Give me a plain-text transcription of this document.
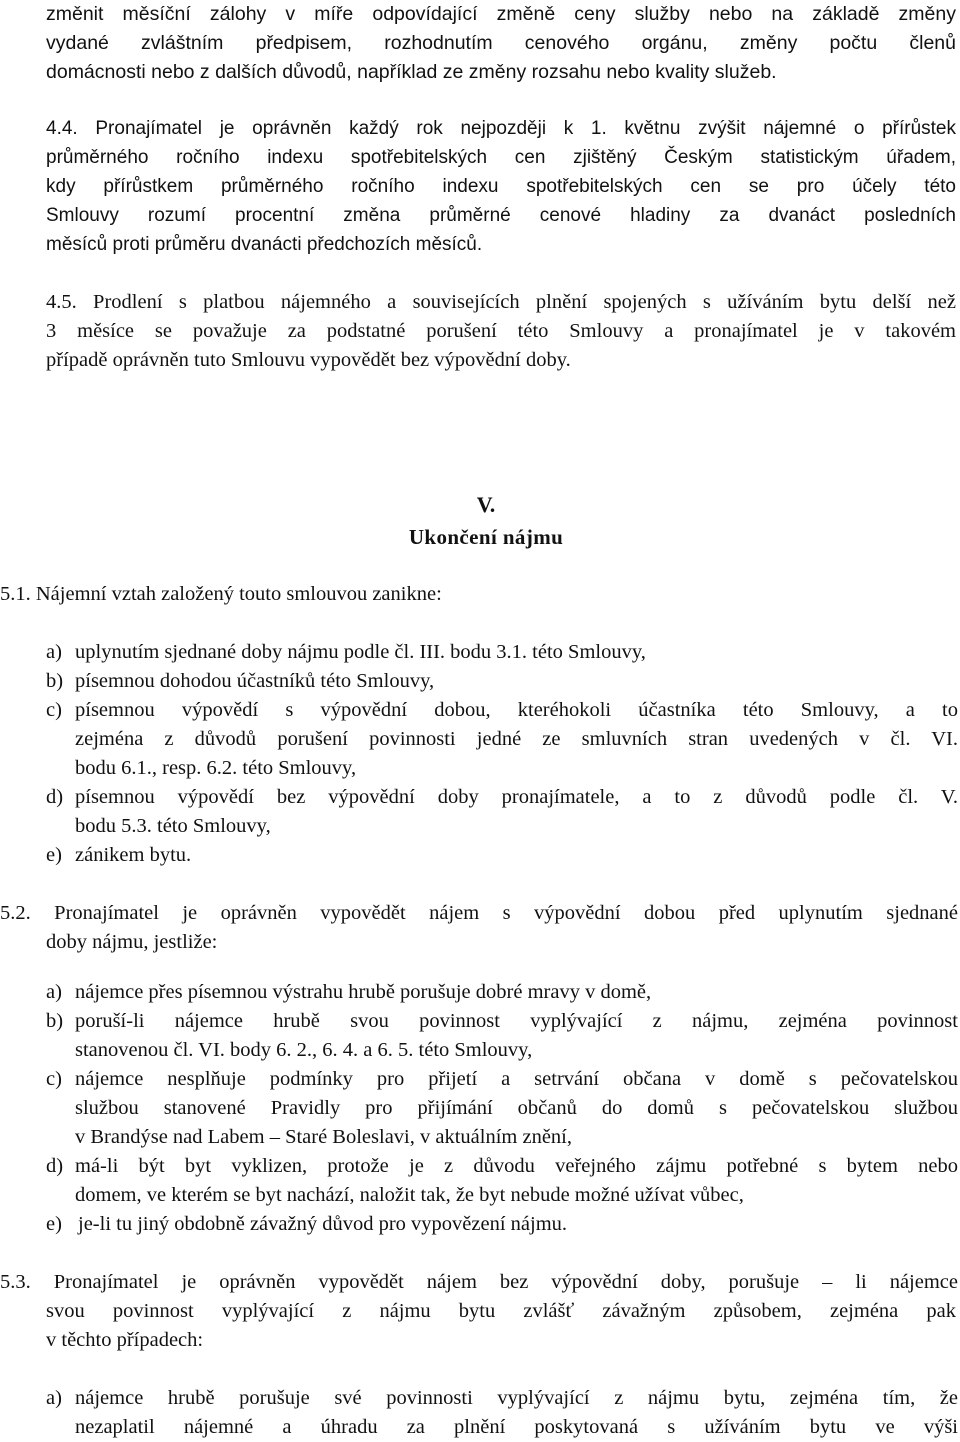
změnit měsíční zálohy v míře odpovídající změně ceny služby nebo na základě změny
vydané zvláštním předpisem, rozhodnutím cenového orgánu, změny počtu členů
domácnosti nebo z dalších důvodů, například ze změny rozsahu nebo kvality služeb.
4.4. Pronajímatel je oprávněn každý rok nejpozději k 1. květnu zvýšit nájemné o přírůstek
průměrného ročního indexu spotřebitelských cen zjištěný Českým statistickým úřadem,
kdy přírůstkem průměrného ročního indexu spotřebitelských cen se pro účely této
Smlouvy rozumí procentní změna průměrné cenové hladiny za dvanáct posledních
měsíců proti průměru dvanácti předchozích měsíců.
4.5. Prodlení s platbou nájemného a souvisejících plnění spojených s užíváním bytu delší než
3 měsíce se považuje za podstatné porušení této Smlouvy a pronajímatel je v takovém
případě oprávněn tuto Smlouvu vypovědět bez výpovědní doby.
V.
Ukončení nájmu
5.1. Nájemní vztah založený touto smlouvou zanikne:
a) uplynutím sjednané doby nájmu podle čl. III. bodu 3.1. této Smlouvy,
b) písemnou dohodou účastníků této Smlouvy,
c) písemnou výpovědí s výpovědní dobou, kteréhokoli účastníka této Smlouvy, a to
zejména z důvodů porušení povinnosti jedné ze smluvních stran uvedených v čl. VI.
bodu 6.1., resp. 6.2. této Smlouvy,
d) písemnou výpovědí bez výpovědní doby pronajímatele, a to z důvodů podle čl. V.
bodu 5.3. této Smlouvy,
e) zánikem bytu.
5.2. Pronajímatel je oprávněn vypovědět nájem s výpovědní dobou před uplynutím sjednané
doby nájmu, jestliže:
a) nájemce přes písemnou výstrahu hrubě porušuje dobré mravy v domě,
b) poruší-li nájemce hrubě svou povinnost vyplývající z nájmu, zejména povinnost
stanovenou čl. VI. body 6. 2., 6. 4. a 6. 5. této Smlouvy,
c) nájemce nesplňuje podmínky pro přijetí a setrvání občana v domě s pečovatelskou
službou stanovené Pravidly pro přijímání občanů do domů s pečovatelskou službou
v Brandýse nad Labem – Staré Boleslavi, v aktuálním znění,
d) má-li být byt vyklizen, protože je z důvodu veřejného zájmu potřebné s bytem nebo
domem, ve kterém se byt nachází, naložit tak, že byt nebude možné užívat vůbec,
e) je-li tu jiný obdobně závažný důvod pro vypovězení nájmu.
5.3. Pronajímatel je oprávněn vypovědět nájem bez výpovědní doby, porušuje – li nájemce
svou povinnost vyplývající z nájmu bytu zvlášť závažným způsobem, zejména pak
v těchto případech:
a) nájemce hrubě porušuje své povinnosti vyplývající z nájmu bytu, zejména tím, že
nezaplatil nájemné a úhradu za plnění poskytovaná s užíváním bytu ve výši
